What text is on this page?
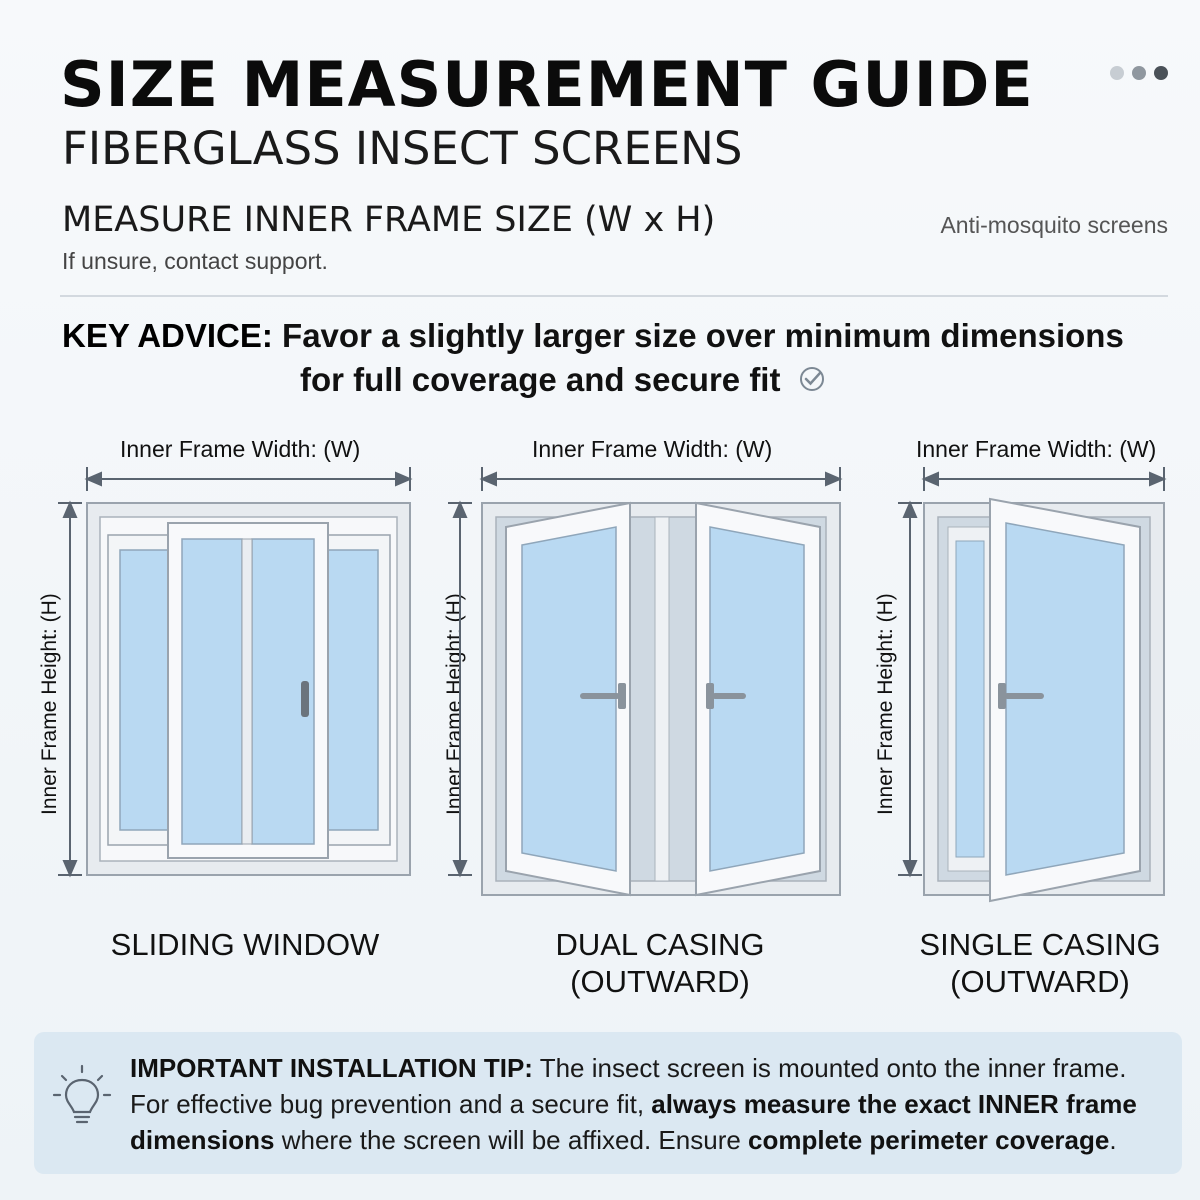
SIZE MEASUREMENT GUIDE
FIBERGLASS INSECT SCREENS
MEASURE INNER FRAME SIZE (W x H)
If unsure, contact support.
Anti-mosquito screens
KEY ADVICE: Favor a slightly larger size over minimum dimensions
for full coverage and secure fit
Inner Frame Width: (W)
Inner Frame Height: (H)
SLIDING WINDOW
Inner Frame Width: (W)
Inner Frame Height: (H)
DUAL CASING
(OUTWARD)
Inner Frame Width: (W)
Inner Frame Height: (H)
SINGLE CASING
(OUTWARD)
IMPORTANT INSTALLATION TIP: The insect screen is mounted onto the inner frame. For effective bug prevention and a secure fit, always measure the exact INNER frame dimensions where the screen will be affixed. Ensure complete perimeter coverage.
